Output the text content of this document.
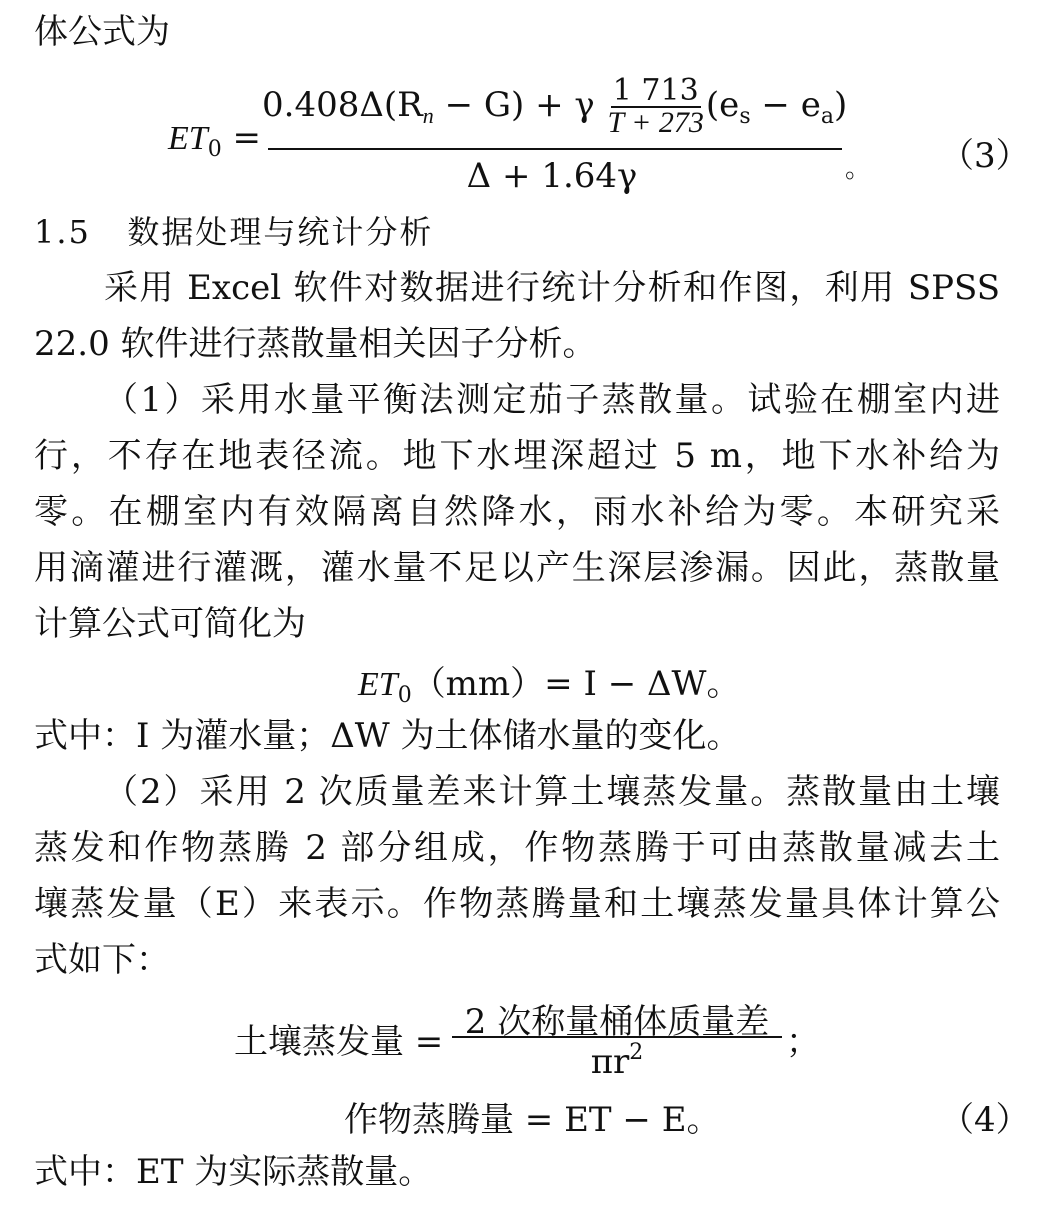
体公式为
$ET_0$ =
$0.408\Delta(R_n - G) + \gamma \frac{1 713}{T + 273} (e_s - e_a)$
Δ + 1.64γ	。 （3）
1.5 数据处理与统计分析
采用 Excel 软件对数据进行统计分析和作图，利用 SPSS
22.0 软件进行蒸散量相关因子分析。
（1）采用水量平衡法测定茄子蒸散量。试验在棚室内进
行，不存在地表径流。地下水埋深超过 5 m，地下水补给为
零。在棚室内有效隔离自然降水，雨水补给为零。本研究采
用滴灌进行灌溉，灌水量不足以产生深层渗漏。因此，蒸散量
计算公式可简化为
$ET_0(mm)= I - \Delta W$。
式中：I 为灌水量；ΔW 为土体储水量的变化。
（2）采用 2 次质量差来计算土壤蒸发量。蒸散量由土壤
蒸发和作物蒸腾 2 部分组成，作物蒸腾于可由蒸散量减去土
壤蒸发量（E）来表示。作物蒸腾量和土壤蒸发量具体计算公
式如下：
土壤蒸发量 = 2 次称量桶体质量差
$\pi r^2$	；
作物蒸腾量 = ET − E。	（4）
式中：ET 为实际蒸散量。
